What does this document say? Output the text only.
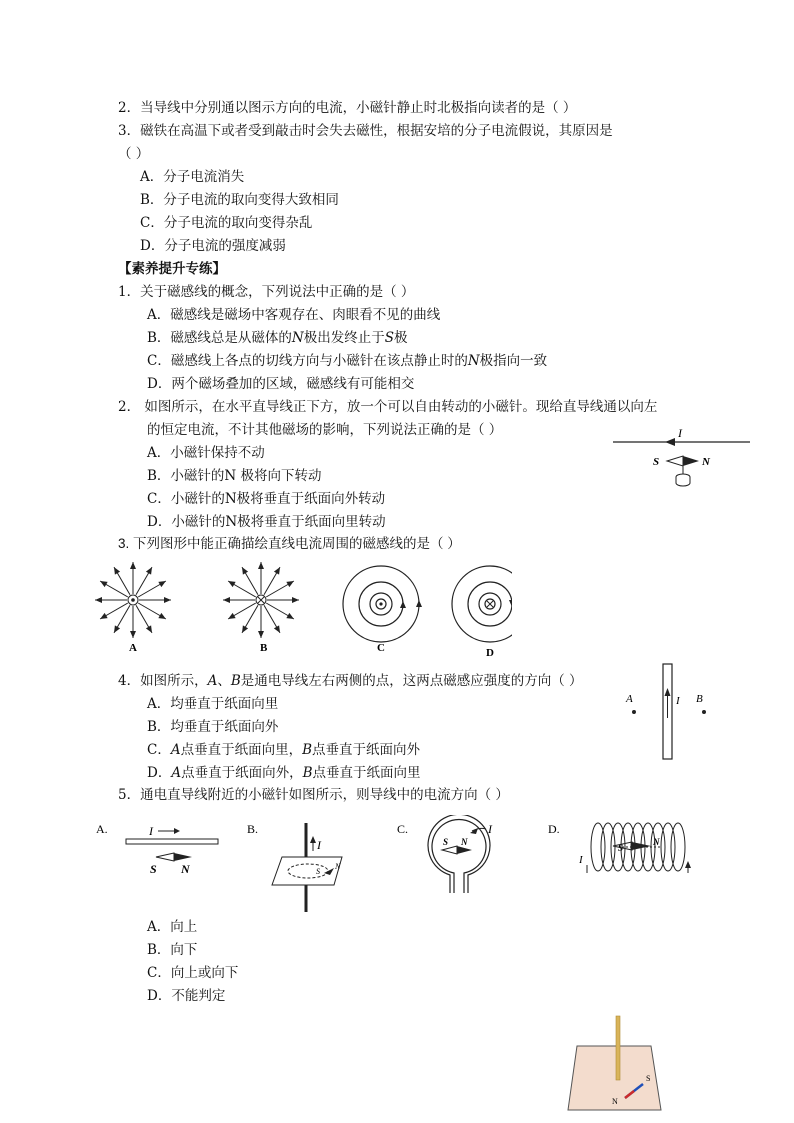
2．当导线中分别通以图示方向的电流，小磁针静止时北极指向读者的是（ ）
3．磁铁在高温下或者受到敲击时会失去磁性，根据安培的分子电流假说，其原因是
（ ）
A．分子电流消失
B．分子电流的取向变得大致相同
C．分子电流的取向变得杂乱
D．分子电流的强度减弱
【素养提升专练】
1．关于磁感线的概念，下列说法中正确的是（ ）
A．磁感线是磁场中客观存在、肉眼看不见的曲线
B．磁感线总是从磁体的N极出发终止于S极
C．磁感线上各点的切线方向与小磁针在该点静止时的N极指向一致
D．两个磁场叠加的区域，磁感线有可能相交
2． 如图所示，在水平直导线正下方，放一个可以自由转动的小磁针。现给直导线通以向左
的恒定电流，不计其他磁场的影响，下列说法正确的是（ ）
A．小磁针保持不动
B．小磁针的N 极将向下转动
C．小磁针的N极将垂直于纸面向外转动
D．小磁针的N极将垂直于纸面向里转动
I
S	N
3. 下列图形中能正确描绘直线电流周围的磁感线的是（ ）
A	B	C	D
4．如图所示，A、B是通电导线左右两侧的点，这两点磁感应强度的方向（ ）
A．均垂直于纸面向里
B．均垂直于纸面向外
C．A点垂直于纸面向里，B点垂直于纸面向外
D．A点垂直于纸面向外，B点垂直于纸面向里
I
A	B
5．通电直导线附近的小磁针如图所示，则导线中的电流方向（ ）
A.	I
S N
B.
I
S
N
C.	I
S N
D.
I
S
N
A．向上
B．向下
C．向上或向下
D．不能判定
S
N
